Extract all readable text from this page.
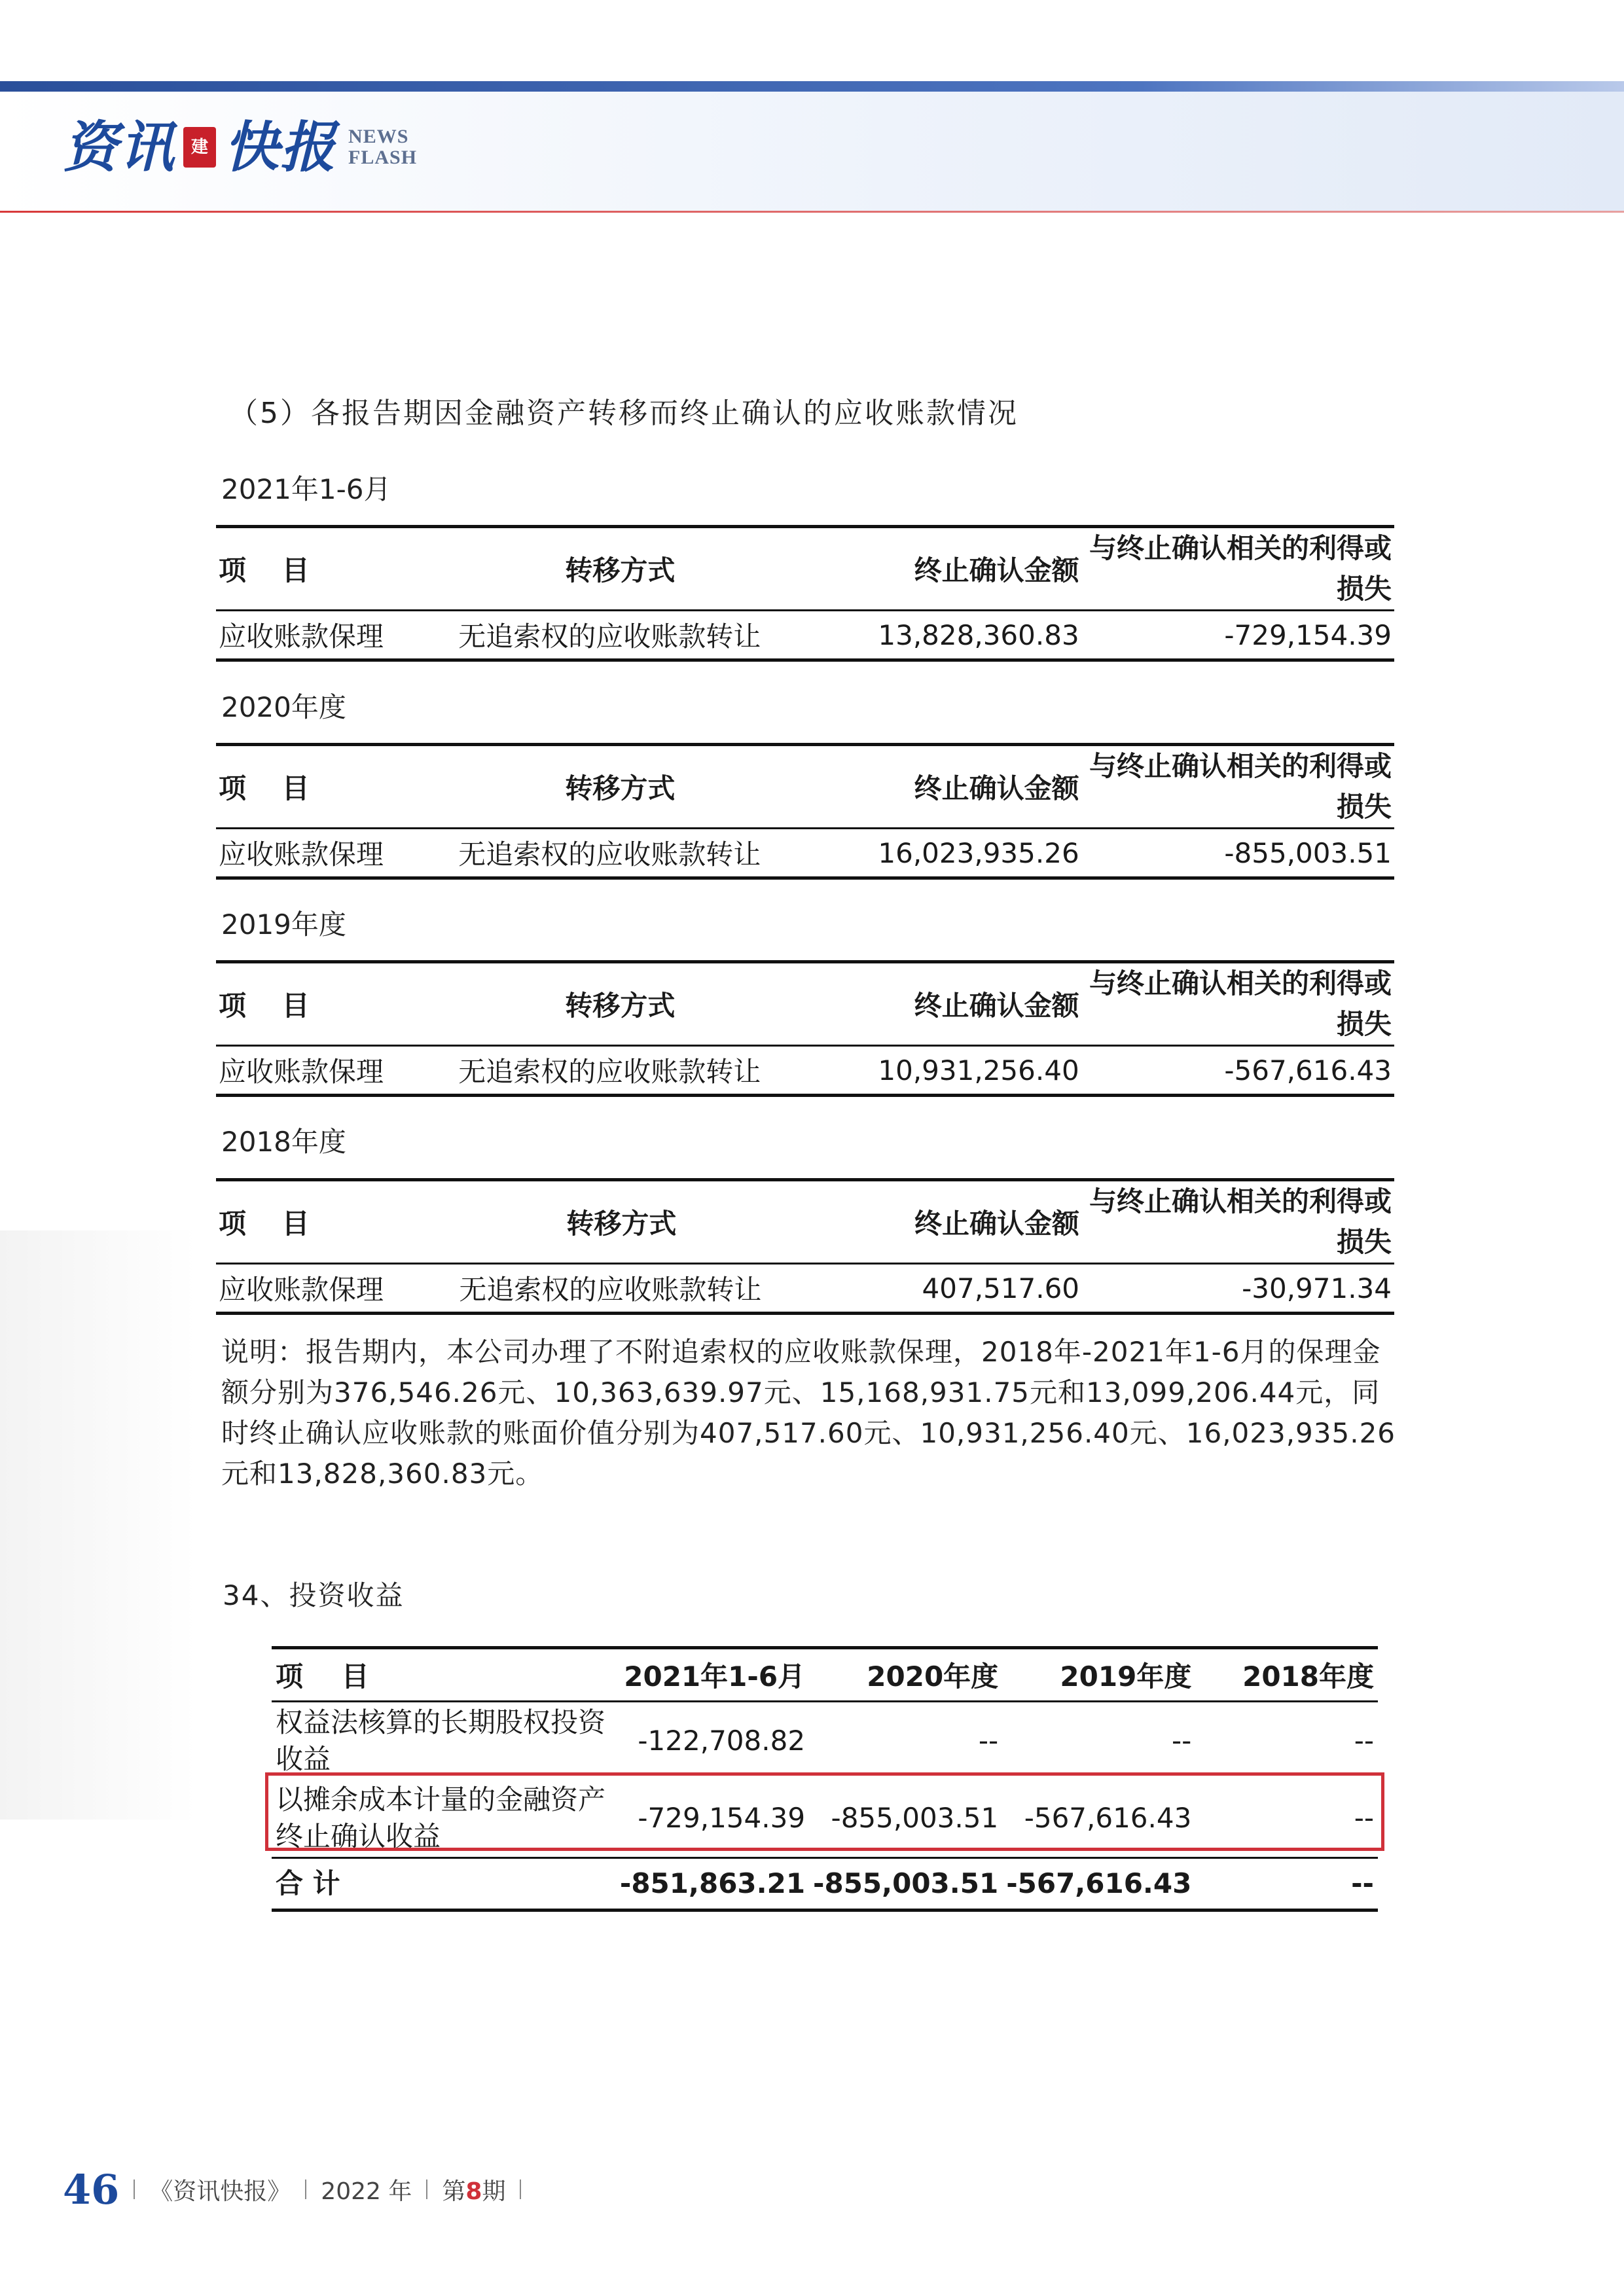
资讯 建 快报 NEWS
FLASH
（5）各报告期因金融资产转移而终止确认的应收账款情况
2021年1-6月
项 目	转移方式	终止确认金额	与终止确认相关的利得或损失
应收账款保理	无追索权的应收账款转让	13,828,360.83	-729,154.39
2020年度
项 目	转移方式	终止确认金额	与终止确认相关的利得或损失
应收账款保理	无追索权的应收账款转让	16,023,935.26	-855,003.51
2019年度
项 目	转移方式	终止确认金额	与终止确认相关的利得或损失
应收账款保理	无追索权的应收账款转让	10,931,256.40	-567,616.43
2018年度
项 目	转移方式	终止确认金额	与终止确认相关的利得或损失
应收账款保理	无追索权的应收账款转让	407,517.60	-30,971.34
说明：报告期内，本公司办理了不附追索权的应收账款保理，2018年-2021年1-6月的保理金额分别为376,546.26元、10,363,639.97元、15,168,931.75元和13,099,206.44元，同时终止确认应收账款的账面价值分别为407,517.60元、10,931,256.40元、16,023,935.26元和13,828,360.83元。
34、投资收益
项 目	2021年1-6月	2020年度	2019年度	2018年度
权益法核算的长期股权投资收益	-122,708.82	--	--	--
以摊余成本计量的金融资产终止确认收益	-729,154.39	-855,003.51	-567,616.43	--
合 计	-851,863.21	-855,003.51	-567,616.43	--
46 《资讯快报》 2022 年 第8期
